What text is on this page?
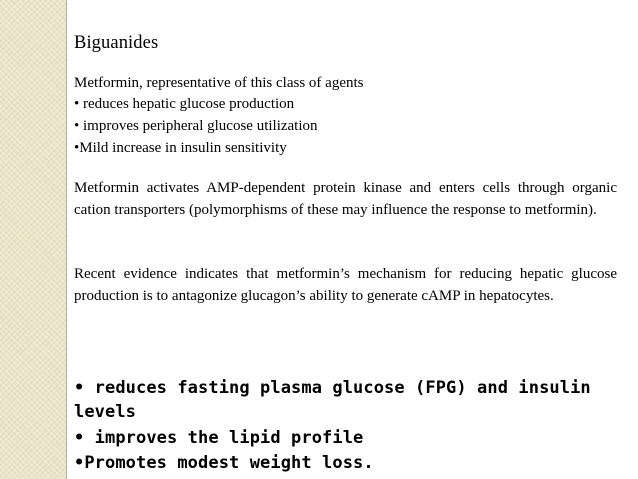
Biguanides
Metformin, representative of this class of agents
• reduces hepatic glucose production
• improves peripheral glucose utilization
•Mild increase in insulin sensitivity
Metformin activates AMP-dependent protein kinase and enters cells through organic cation transporters (polymorphisms of these may influence the response to metformin).
Recent evidence indicates that metformin’s mechanism for reducing hepatic glucose production is to antagonize glucagon’s ability to generate cAMP in hepatocytes.
• reduces fasting plasma glucose (FPG) and insulin
levels
• improves the lipid profile
•Promotes modest weight loss.
